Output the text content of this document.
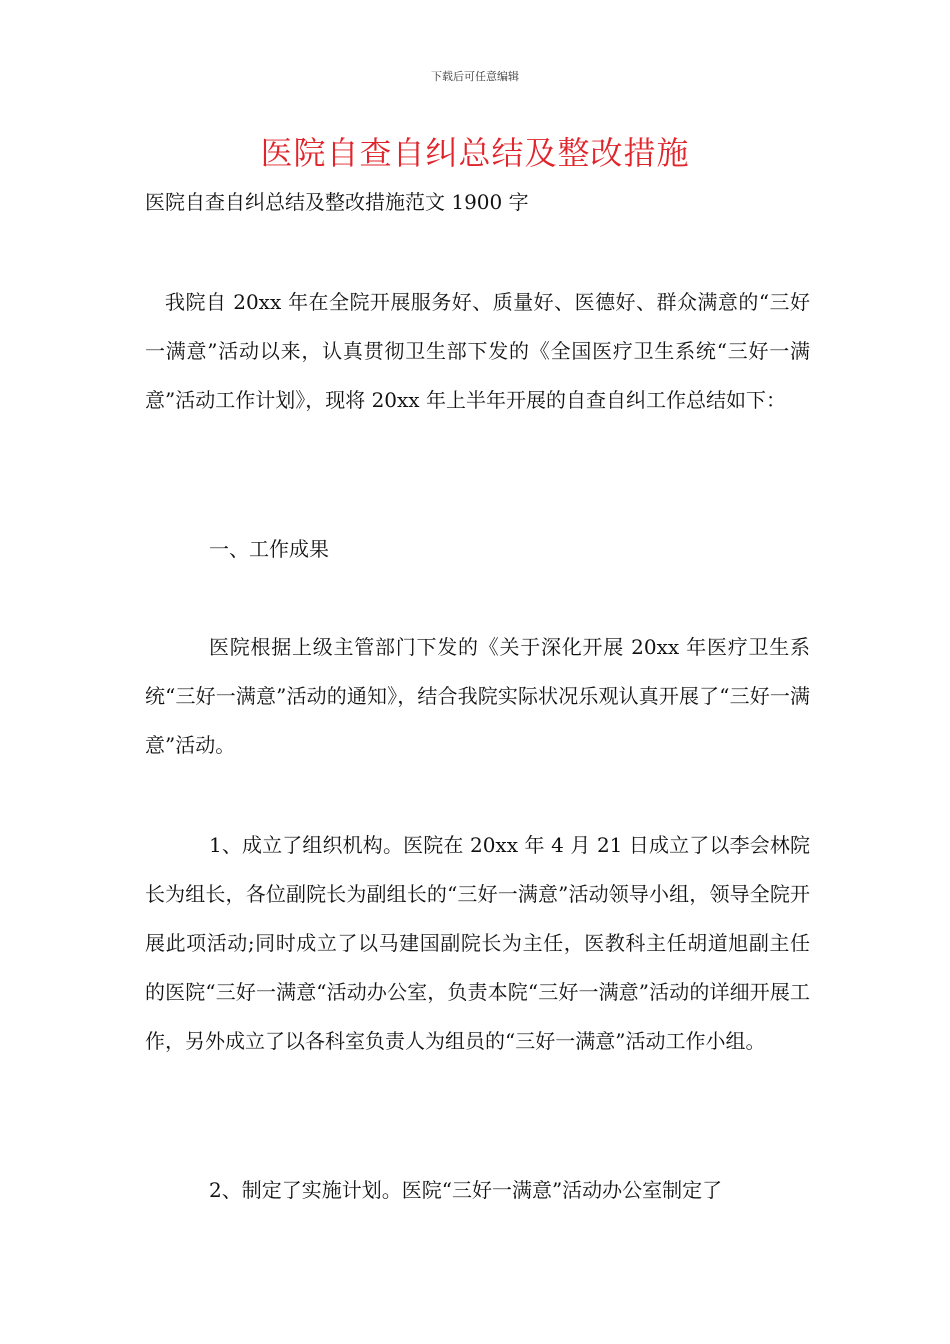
下载后可任意编辑
医院自查自纠总结及整改措施
医院自查自纠总结及整改措施范文 1900 字
我院自 20xx 年在全院开展服务好、质量好、医德好、群众满意的“三好一满意”活动以来，认真贯彻卫生部下发的《全国医疗卫生系统“三好一满意”活动工作计划》，现将 20xx 年上半年开展的自查自纠工作总结如下：
一、工作成果
医院根据上级主管部门下发的《关于深化开展 20xx 年医疗卫生系统“三好一满意”活动的通知》，结合我院实际状况乐观认真开展了“三好一满意”活动。
1、成立了组织机构。医院在 20xx 年 4 月 21 日成立了以李会林院长为组长，各位副院长为副组长的“三好一满意”活动领导小组，领导全院开展此项活动;同时成立了以马建国副院长为主任，医教科主任胡道旭副主任的医院“三好一满意“活动办公室，负责本院“三好一满意”活动的详细开展工作，另外成立了以各科室负责人为组员的“三好一满意”活动工作小组。
2、制定了实施计划。医院“三好一满意”活动办公室制定了
